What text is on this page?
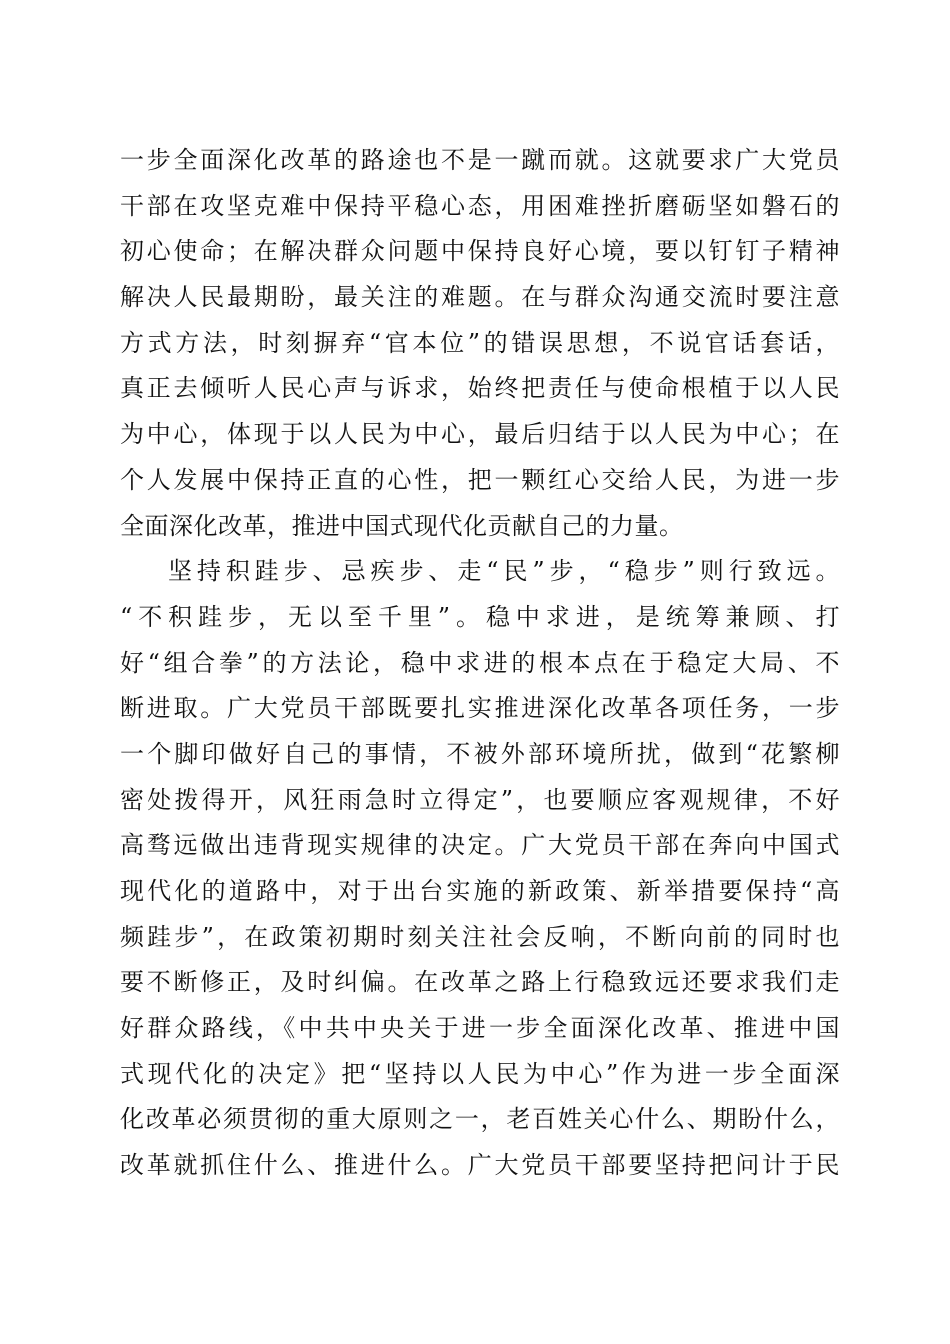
一步全面深化改革的路途也不是一蹴而就。这就要求广大党员
干部在攻坚克难中保持平稳心态，用困难挫折磨砺坚如磐石的
初心使命；在解决群众问题中保持良好心境，要以钉钉子精神
解决人民最期盼，最关注的难题。在与群众沟通交流时要注意
方式方法，时刻摒弃“官本位”的错误思想，不说官话套话，
真正去倾听人民心声与诉求，始终把责任与使命根植于以人民
为中心，体现于以人民为中心，最后归结于以人民为中心；在
个人发展中保持正直的心性，把一颗红心交给人民，为进一步
全面深化改革，推进中国式现代化贡献自己的力量。
坚持积跬步、忌疾步、走“民”步，“稳步”则行致远。
“不积跬步，无以至千里”。稳中求进，是统筹兼顾、打
好“组合拳”的方法论，稳中求进的根本点在于稳定大局、不
断进取。广大党员干部既要扎实推进深化改革各项任务，一步
一个脚印做好自己的事情，不被外部环境所扰，做到“花繁柳
密处拨得开，风狂雨急时立得定”，也要顺应客观规律，不好
高骛远做出违背现实规律的决定。广大党员干部在奔向中国式
现代化的道路中，对于出台实施的新政策、新举措要保持“高
频跬步”，在政策初期时刻关注社会反响，不断向前的同时也
要不断修正，及时纠偏。在改革之路上行稳致远还要求我们走
好群众路线，《中共中央关于进一步全面深化改革、推进中国
式现代化的决定》把“坚持以人民为中心”作为进一步全面深
化改革必须贯彻的重大原则之一，老百姓关心什么、期盼什么，
改革就抓住什么、推进什么。广大党员干部要坚持把问计于民
